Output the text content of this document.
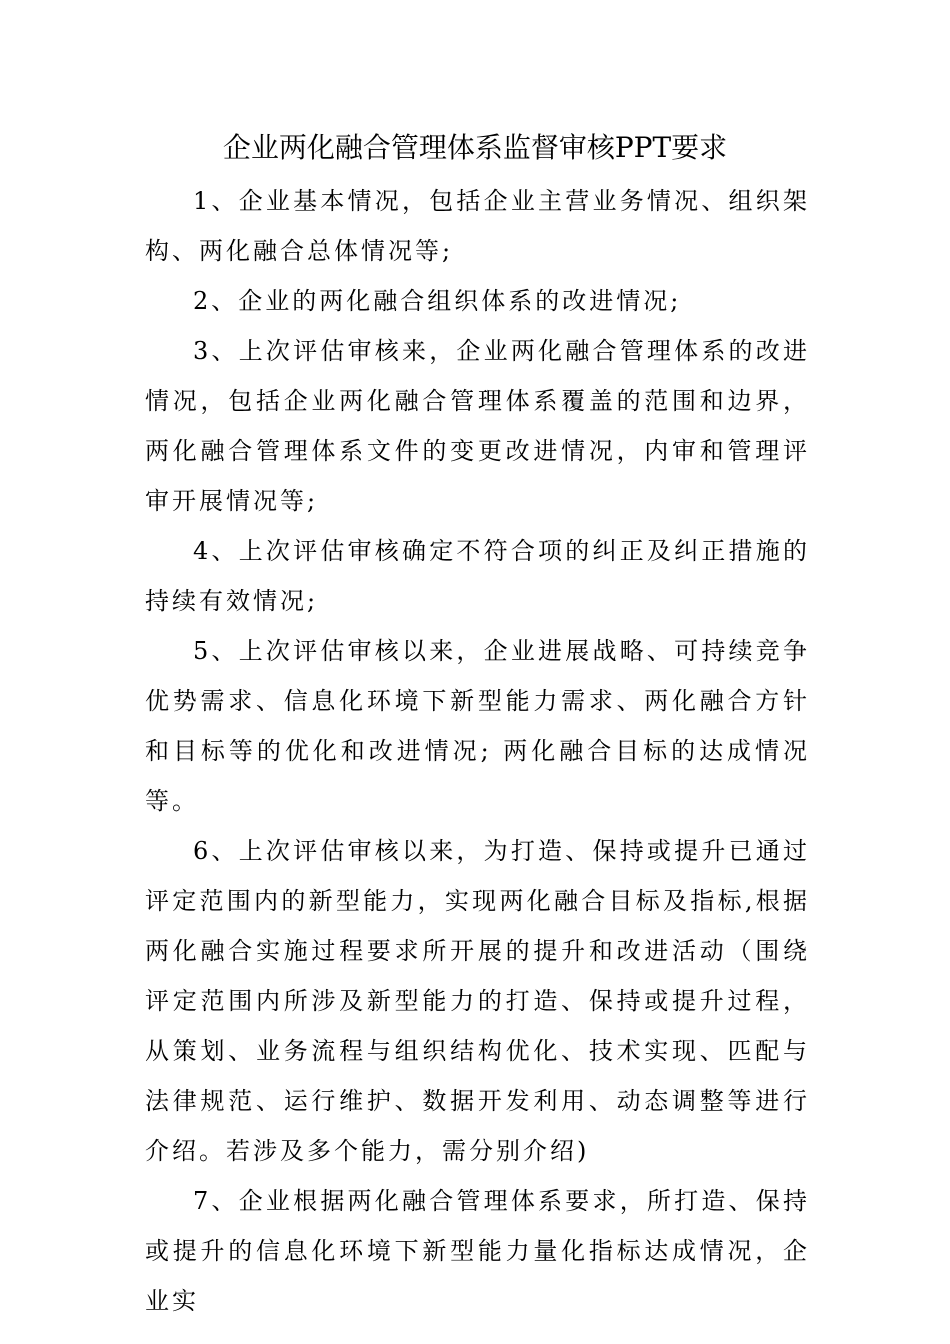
企业两化融合管理体系监督审核PPT要求

1、企业基本情况，包括企业主营业务情况、组织架构、两化融合总体情况等;

2、企业的两化融合组织体系的改进情况;

3、上次评估审核来，企业两化融合管理体系的改进情况，包括企业两化融合管理体系覆盖的范围和边界，两化融合管理体系文件的变更改进情况，内审和管理评审开展情况等;

4、上次评估审核确定不符合项的纠正及纠正措施的持续有效情况;

5、上次评估审核以来，企业进展战略、可持续竞争优势需求、信息化环境下新型能力需求、两化融合方针和目标等的优化和改进情况; 两化融合目标的达成情况等。

6、上次评估审核以来，为打造、保持或提升已通过评定范围内的新型能力，实现两化融合目标及指标,根据两化融合实施过程要求所开展的提升和改进活动（围绕评定范围内所涉及新型能力的打造、保持或提升过程，从策划、业务流程与组织结构优化、技术实现、匹配与法律规范、运行维护、数据开发利用、动态调整等进行介绍。若涉及多个能力，需分别介绍)

7、企业根据两化融合管理体系要求，所打造、保持或提升的信息化环境下新型能力量化指标达成情况，企业实
